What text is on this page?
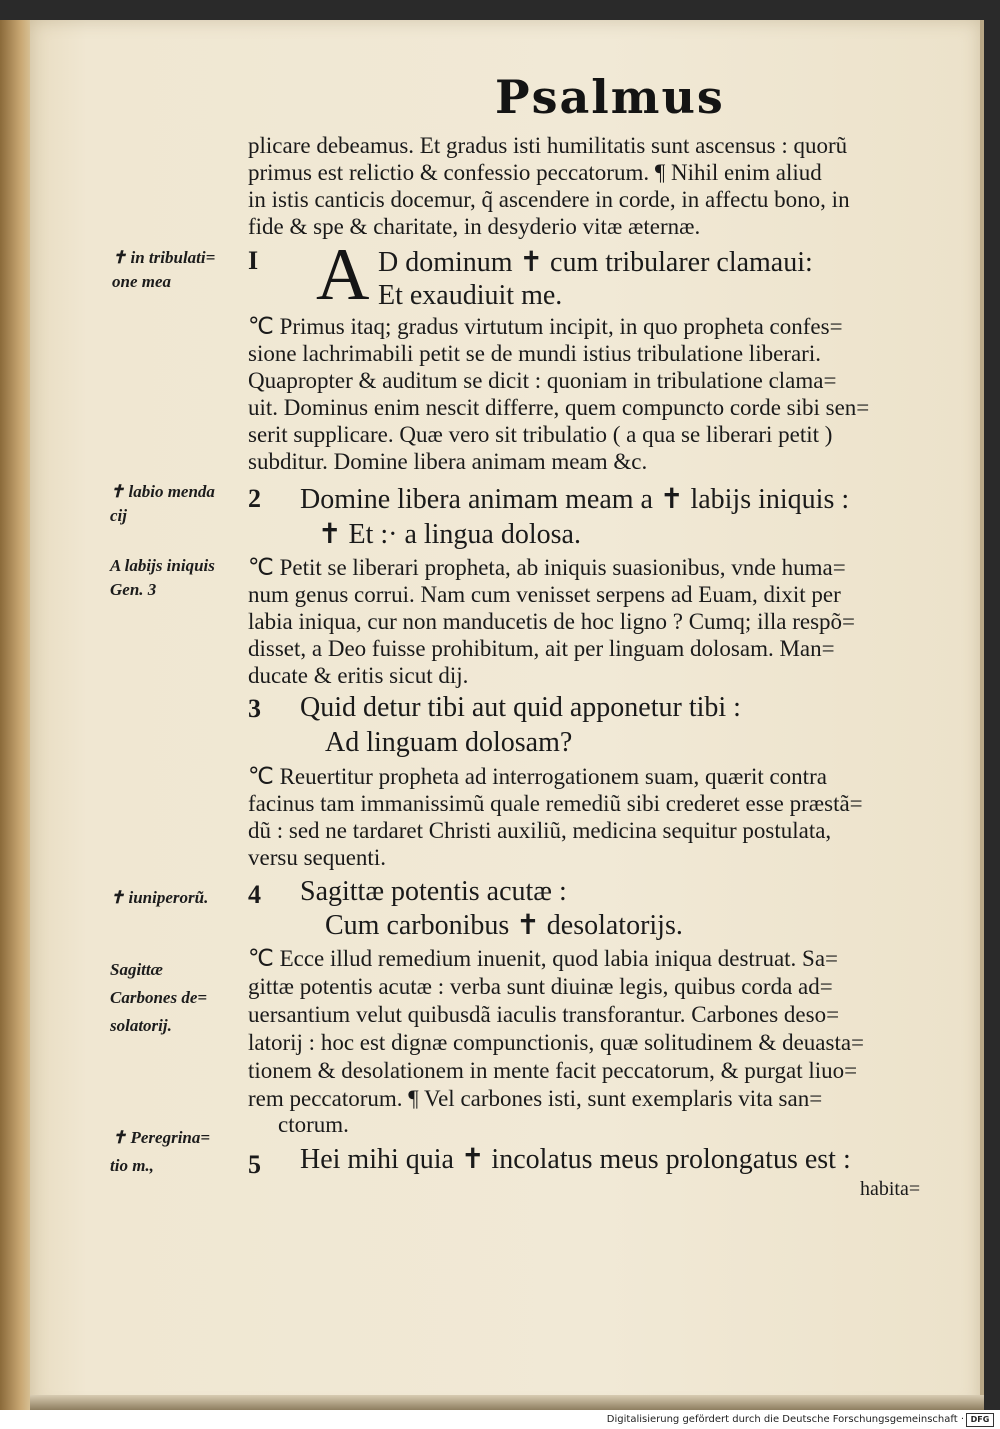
Psalmus
plicare debeamus. Et gradus isti humilitatis sunt ascensus : quorũ
primus est relictio & confessio peccatorum. ¶ Nihil enim aliud
in istis canticis docemur, q̃ ascendere in corde, in affectu bono, in
fide & spe & charitate, in desyderio vitæ æternæ.
✝ in tribulati=
one mea
I A D dominum ✝ cum tribularer clamaui:
Et exaudiuit me.
℃ Primus itaq; gradus virtutum incipit, in quo propheta confes=
sione lachrimabili petit se de mundi istius tribulatione liberari.
Quapropter & auditum se dicit : quoniam in tribulatione clama=
uit. Dominus enim nescit differre, quem compuncto corde sibi sen=
serit supplicare. Quæ vero sit tribulatio ( a qua se liberari petit )
subditur. Domine libera animam meam &c.
✝ labio menda
cij
2 Domine libera animam meam a ✝ labijs iniquis :
✝ Et :· a lingua dolosa.
A labijs iniquis
Gen. 3
℃ Petit se liberari propheta, ab iniquis suasionibus, vnde huma=
num genus corrui. Nam cum venisset serpens ad Euam, dixit per
labia iniqua, cur non manducetis de hoc ligno ? Cumq; illa respõ=
disset, a Deo fuisse prohibitum, ait per linguam dolosam. Man=
ducate & eritis sicut dij.
3 Quid detur tibi aut quid apponetur tibi :
Ad linguam dolosam?
℃ Reuertitur propheta ad interrogationem suam, quærit contra
facinus tam immanissimũ quale remediũ sibi crederet esse præstã=
dũ : sed ne tardaret Christi auxiliũ, medicina sequitur postulata,
versu sequenti.
✝ iuniperorũ. 4 Sagittæ potentis acutæ :
Cum carbonibus ✝ desolatorijs.
Sagittæ
Carbones de=
solatorij.
℃ Ecce illud remedium inuenit, quod labia iniqua destruat. Sa=
gittæ potentis acutæ : verba sunt diuinæ legis, quibus corda ad=
uersantium velut quibusdã iaculis transforantur. Carbones deso=
latorij : hoc est dignæ compunctionis, quæ solitudinem & deuasta=
tionem & desolationem in mente facit peccatorum, & purgat liuo=
rem peccatorum. ¶ Vel carbones isti, sunt exemplaris vita san=
ctorum.
✝ Peregrina=
tio m.,	5 Hei mihi quia ✝ incolatus meus prolongatus est :
habita=
Digitalisierung gefördert durch die Deutsche Forschungsgemeinschaft · DFG
